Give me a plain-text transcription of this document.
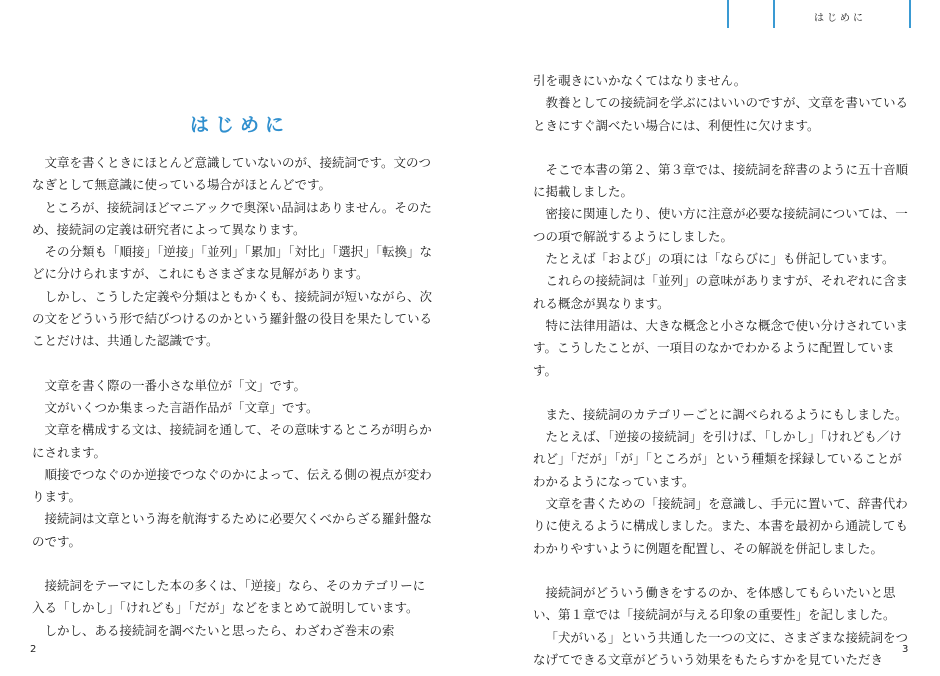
はじめに

文章を書くときにほとんど意識していないのが、接続詞です。文のつなぎとして無意識に使っている場合がほとんどです。

ところが、接続詞ほどマニアックで奥深い品詞はありません。そのため、接続詞の定義は研究者によって異なります。

その分類も「順接」「逆接」「並列」「累加」「対比」「選択」「転換」などに分けられますが、これにもさまざまな見解があります。

しかし、こうした定義や分類はともかくも、接続詞が短いながら、次の文をどういう形で結びつけるのかという羅針盤の役目を果たしていることだけは、共通した認識です。

文章を書く際の一番小さな単位が「文」です。

文がいくつか集まった言語作品が「文章」です。

文章を構成する文は、接続詞を通して、その意味するところが明らかにされます。

順接でつなぐのか逆接でつなぐのかによって、伝える側の視点が変わります。

接続詞は文章という海を航海するために必要欠くべからざる羅針盤なのです。

接続詞をテーマにした本の多くは、「逆接」なら、そのカテゴリーに入る「しかし」「けれども」「だが」などをまとめて説明しています。

しかし、ある接続詞を調べたいと思ったら、わざわざ巻末の索

2
はじめに

引を覗きにいかなくてはなりません。

教養としての接続詞を学ぶにはいいのですが、文章を書いているときにすぐ調べたい場合には、利便性に欠けます。

そこで本書の第２、第３章では、接続詞を辞書のように五十音順に掲載しました。

密接に関連したり、使い方に注意が必要な接続詞については、一つの項で解説するようにしました。

たとえば「および」の項には「ならびに」も併記しています。

これらの接続詞は「並列」の意味がありますが、それぞれに含まれる概念が異なります。

特に法律用語は、大きな概念と小さな概念で使い分けされています。こうしたことが、一項目のなかでわかるように配置しています。

また、接続詞のカテゴリーごとに調べられるようにもしました。

たとえば、「逆接の接続詞」を引けば、「しかし」「けれども／けれど」「だが」「が」「ところが」という種類を採録していることがわかるようになっています。

文章を書くための「接続詞」を意識し、手元に置いて、辞書代わりに使えるように構成しました。また、本書を最初から通読してもわかりやすいように例題を配置し、その解説を併記しました。

接続詞がどういう働きをするのか、を体感してもらいたいと思い、第１章では「接続詞が与える印象の重要性」を記しました。

「犬がいる」という共通した一つの文に、さまざまな接続詞をつなげてできる文章がどういう効果をもたらすかを見ていただき

3
